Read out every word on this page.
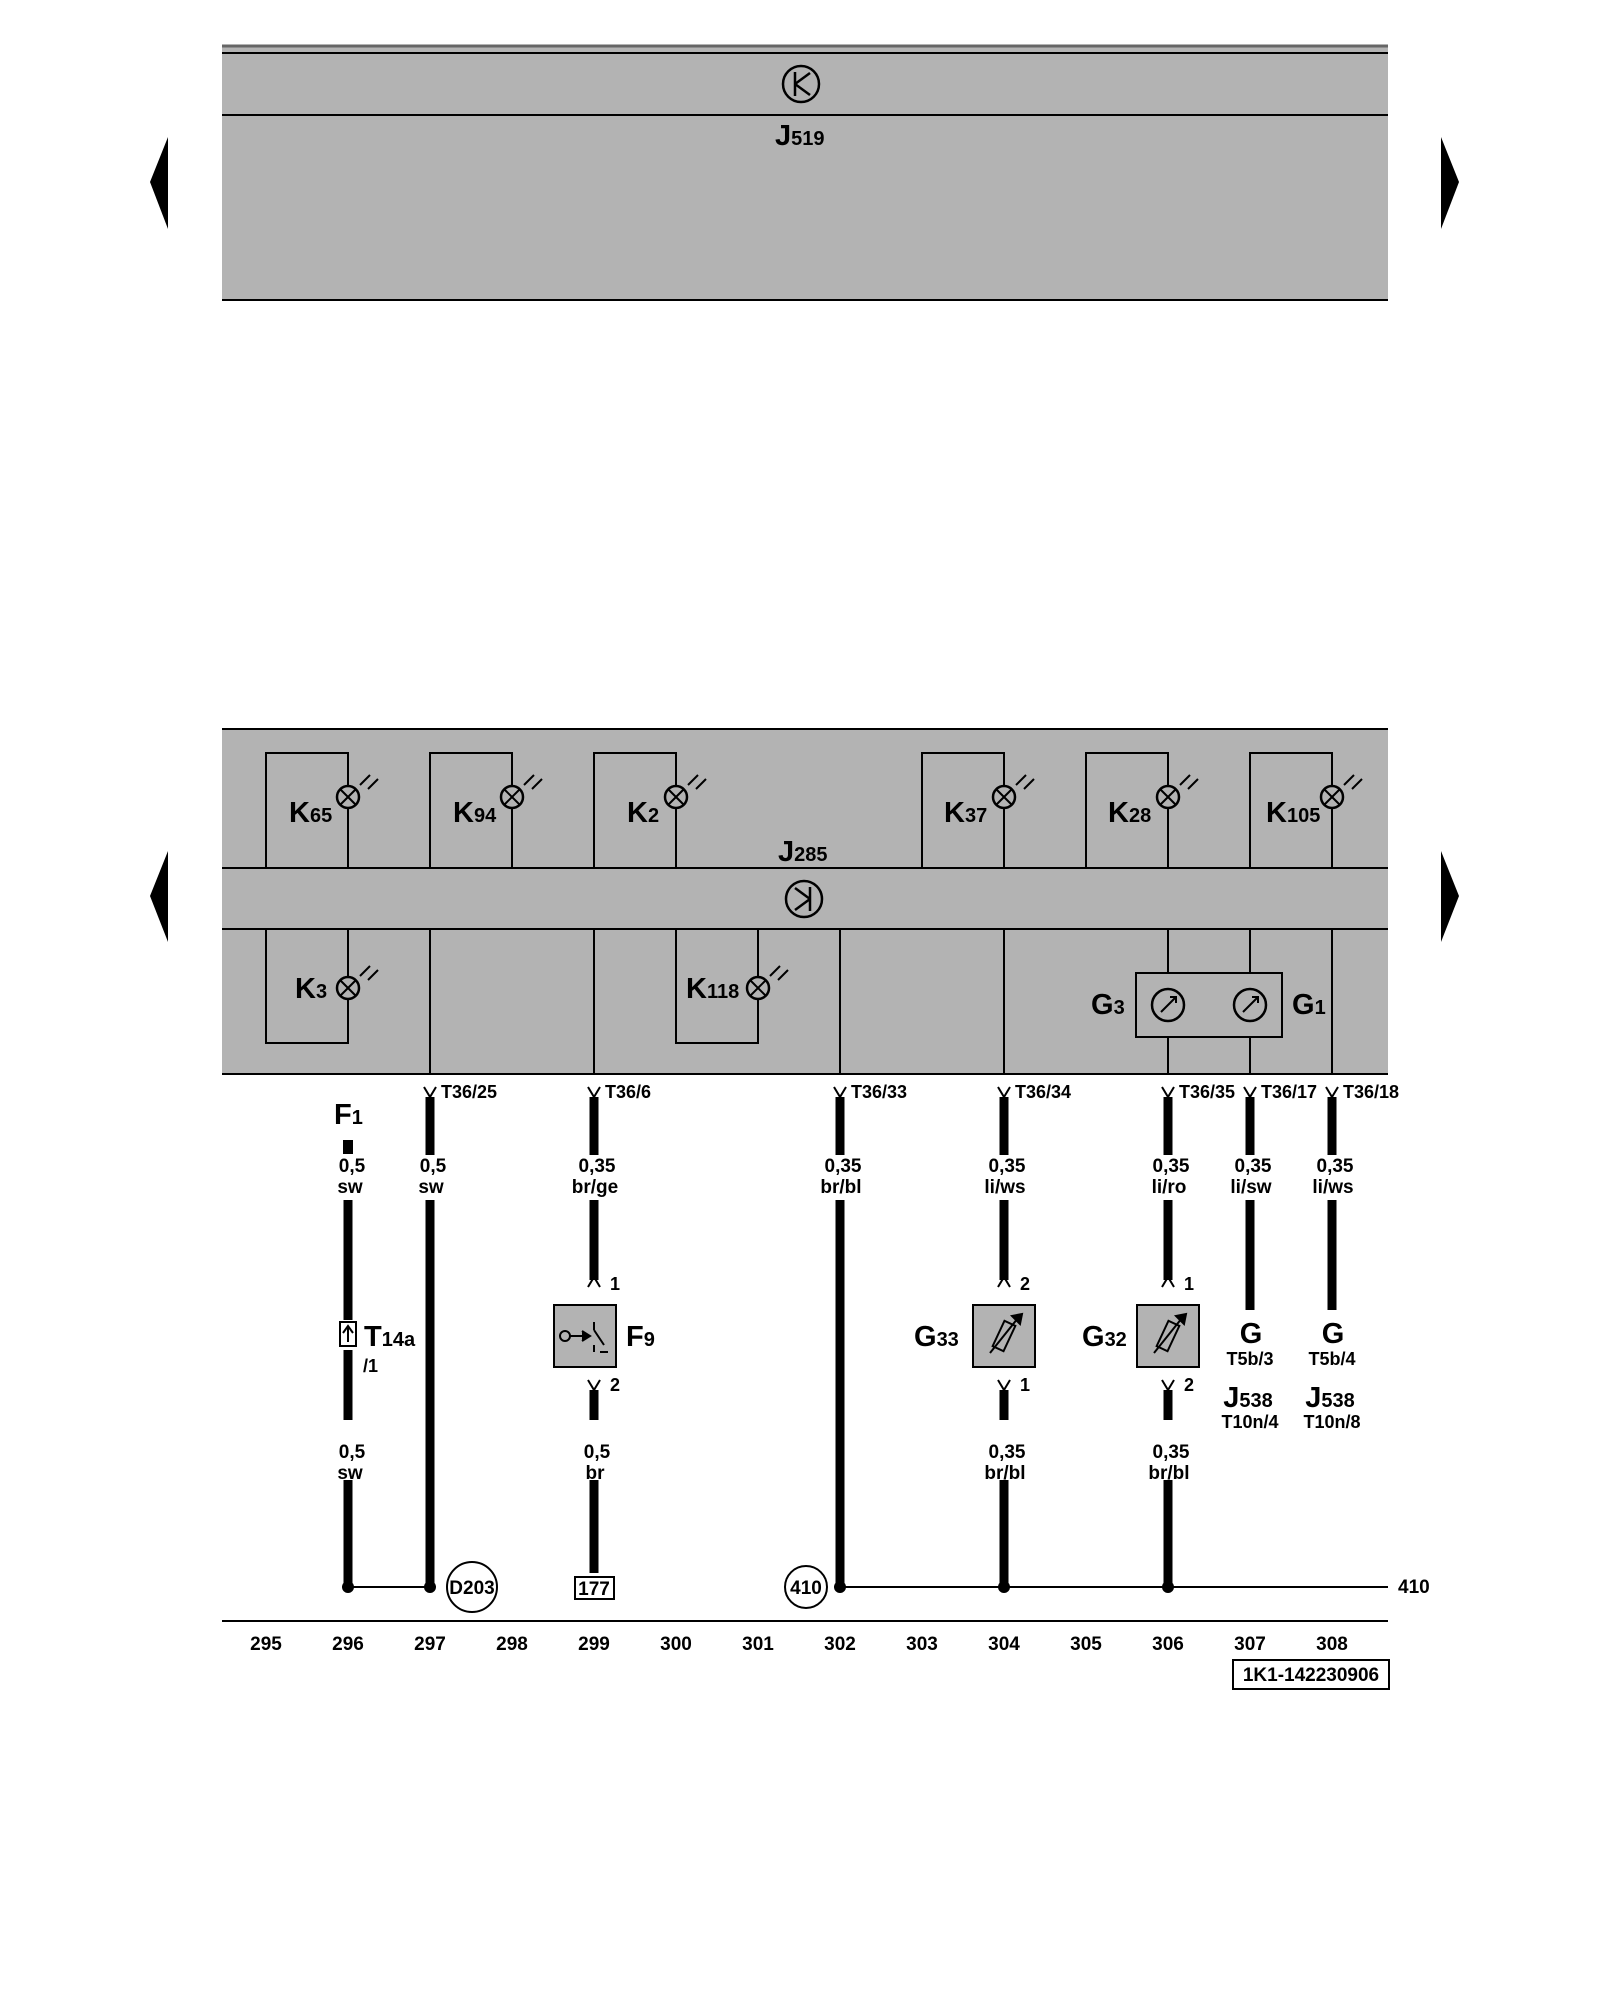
J519
J285
K65	K94	K2	K37	K28	K105
K3	K118	G3	G1
T36/25	T36/6	T36/33	T36/34	T36/35 T36/17 T36/18
F1
0,5
sw
0,5
sw
0,35
br/ge
0,35
br/bl
0,35
li/ws
0,35
li/ro
0,35
li/sw
0,35
li/ws
0,5
sw
0,5
br
0,35
br/bl
0,35
br/bl
T14a
/1
1
2
F9
2
1
G33
1
2
G32	G
T5b/3
J538
T10n/4
G
T5b/4
J538
T10n/8
D203	177	410	410
295	296	297	298	299	300	301	302	303	304	305	306	307	308
1K1-142230906
